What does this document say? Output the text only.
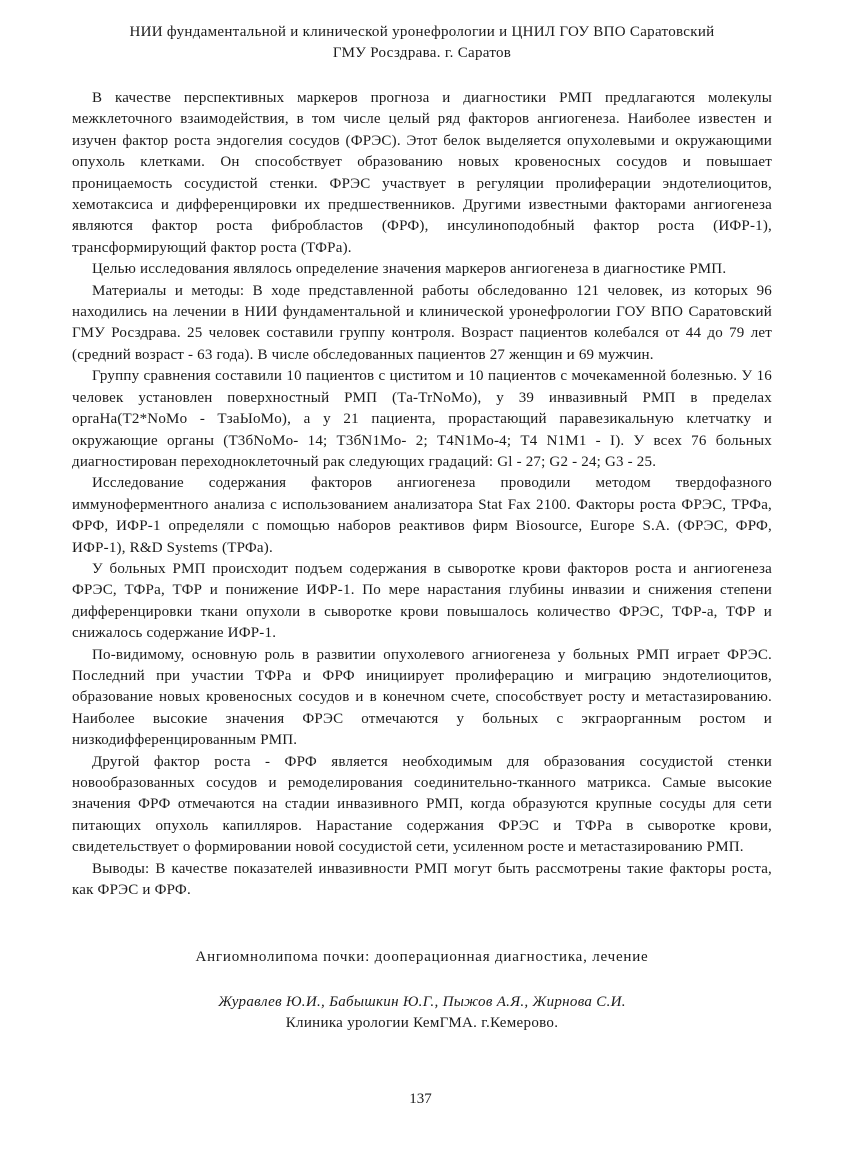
НИИ фундаментальной и клинической уронефрологии и ЦНИЛ ГОУ ВПО Саратовский
ГМУ Росздрава. г. Саратов

В качестве перспективных маркеров прогноза и диагностики РМП предлагаются молекулы межклеточного взаимодействия, в том числе целый ряд факторов ангиогенеза. Наиболее известен и изучен фактор роста эндогелия сосудов (ФРЭС). Этот белок выделяется опухолевыми и окружающими опухоль клетками. Он способствует образованию новых кровеносных сосудов и повышает проницаемость сосудистой стенки. ФРЭС участвует в регуляции пролиферации эндотелиоцитов, хемотаксиса и дифференцировки их предшественников. Другими известными факторами ангиогенеза являются фактор роста фибробластов (ФРФ), инсулиноподобный фактор роста (ИФР-1), трансформирующий фактор роста (ТФРа).

Целью исследования являлось определение значения маркеров ангиогенеза в диагностике РМП.

Материалы и методы: В ходе представленной работы обследованно 121 человек, из которых 96 находились на лечении в НИИ фундаментальной и клинической уронефрологии ГОУ ВПО Саратовский ГМУ Росздрава. 25 человек составили группу контроля. Возраст пациентов колебался от 44 до 79 лет (средний возраст - 63 года). В числе обследованных пациентов 27 женщин и 69 мужчин.

Группу сравнения составили 10 пациентов с циститом и 10 пациентов с мочекаменной болезнью. У 16 человек установлен поверхностный РМП (Та-TrNoMo), у 39 инвазивный РМП в пределах opraHa(T2*NoMo - TзaЫoMo), а у 21 пациента, прорастающий паравезикальную клетчатку и окружающие органы (T3бNоMо- 14; T3бN1Mо- 2; T4N1Mо-4; T4 N1M1 - I). У всех 76 больных диагностирован переходноклеточный рак следующих градаций: Gl - 27; G2 - 24; G3 - 25.

Исследование содержания факторов ангиогенеза проводили методом твердофазного иммуноферментного анализа с использованием анализатора Stat Fax 2100. Факторы роста ФРЭС, ТРФа, ФРФ, ИФР-1 определяли с помощью наборов реактивов фирм Biosource, Europe S.A. (ФРЭС, ФРФ, ИФР-1), R&D Systems (ТРФа).

У больных РМП происходит подъем содержания в сыворотке крови факторов роста и ангиогенеза ФРЭС, ТФРа, ТФР и понижение ИФР-1. По мере нарастания глубины инвазии и снижения степени дифференцировки ткани опухоли в сыворотке крови повышалось количество ФРЭС, ТФР-а, ТФР и снижалось содержание ИФР-1.

По-видимому, основную роль в развитии опухолевого агниогенеза у больных РМП играет ФРЭС. Последний при участии ТФРа и ФРФ инициирует пролиферацию и миграцию эндотелиоцитов, образование новых кровеносных сосудов и в конечном счете, способствует росту и метастазированию. Наиболее высокие значения ФРЭС отмечаются у больных с экграорганным ростом и низкодифференцированным РМП.

Другой фактор роста - ФРФ является необходимым для образования сосудистой стенки новообразованных сосудов и ремоделирования соединительно-тканного матрикса. Самые высокие значения ФРФ отмечаются на стадии инвазивного РМП, когда образуются крупные сосуды для сети питающих опухоль капилляров. Нарастание содержания ФРЭС и ТФРа в сыворотке крови, свидетельствует о формировании новой сосудистой сети, усиленном росте и метастазированию РМП.

Выводы: В качестве показателей инвазивности РМП могут быть рассмотрены такие факторы роста, как ФРЭС и ФРФ.

Ангиомнолипома почки: дооперационная диагностика, лечение
Журавлев Ю.И., Бабышкин Ю.Г., Пыжов А.Я., Жирнова С.И.
Клиника урологии КемГМА. г.Кемерово.
137
